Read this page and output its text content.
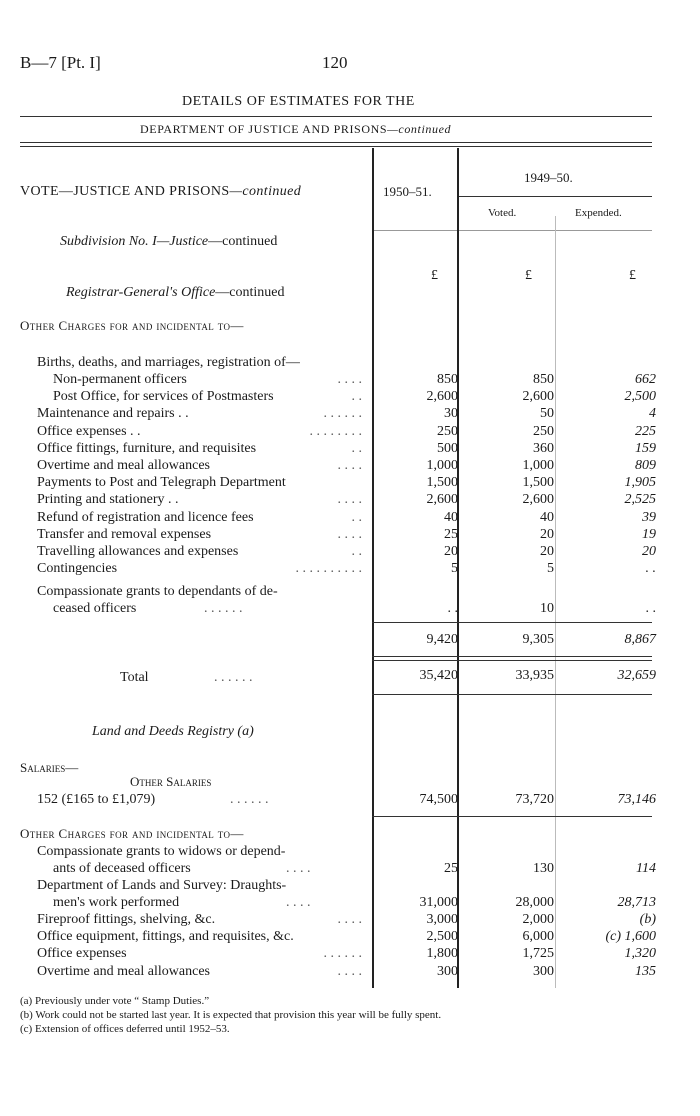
B—7 [Pt. I]	120
DETAILS OF ESTIMATES FOR THE
DEPARTMENT OF JUSTICE AND PRISONS—continued
VOTE—JUSTICE AND PRISONS—continued	1950–51.
1949–50.
Voted.	Expended.
Subdivision No. I—Justice—continued
£	£	£
Registrar-General's Office—continued
Other Charges for and incidental to—
Births, deaths, and marriages, registration of—
Non-permanent officers	. . . .	850	850	662
Post Office, for services of Postmasters	. .	2,600	2,600	2,500
Maintenance and repairs . .	. . . . . .	30	50	4
Office expenses . .	. . . . . . . .	250	250	225
Office fittings, furniture, and requisites	. .	500	360	159
Overtime and meal allowances	. . . .	1,000	1,000	809
Payments to Post and Telegraph Department	1,500	1,500	1,905
Printing and stationery . .	. . . .	2,600	2,600	2,525
Refund of registration and licence fees	. .	40	40	39
Transfer and removal expenses	. . . .	25	20	19
Travelling allowances and expenses	. .	20	20	20
Contingencies	. . . . . . . . . .	5	5	. .
Compassionate grants to dependants of de-
ceased officers	. . . . . .	. .	10	. .
9,420	9,305	8,867
Total	. . . . . .	35,420	33,935	32,659
Land and Deeds Registry (a)
Salaries—
Other Salaries
152 (£165 to £1,079)	. . . . . .	74,500	73,720	73,146
Other Charges for and incidental to—
Compassionate grants to widows or depend-
ants of deceased officers	. . . .	25	130	114
Department of Lands and Survey: Draughts-
men's work performed	. . . .	31,000	28,000	28,713
Fireproof fittings, shelving, &c.	. . . .	3,000	2,000	(b)
Office equipment, fittings, and requisites, &c.	2,500	6,000	(c) 1,600
Office expenses	. . . . . .	1,800	1,725	1,320
Overtime and meal allowances	. . . .	300	300	135
(a) Previously under vote “ Stamp Duties.”
(b) Work could not be started last year. It is expected that provision this year will be fully spent.
(c) Extension of offices deferred until 1952–53.
